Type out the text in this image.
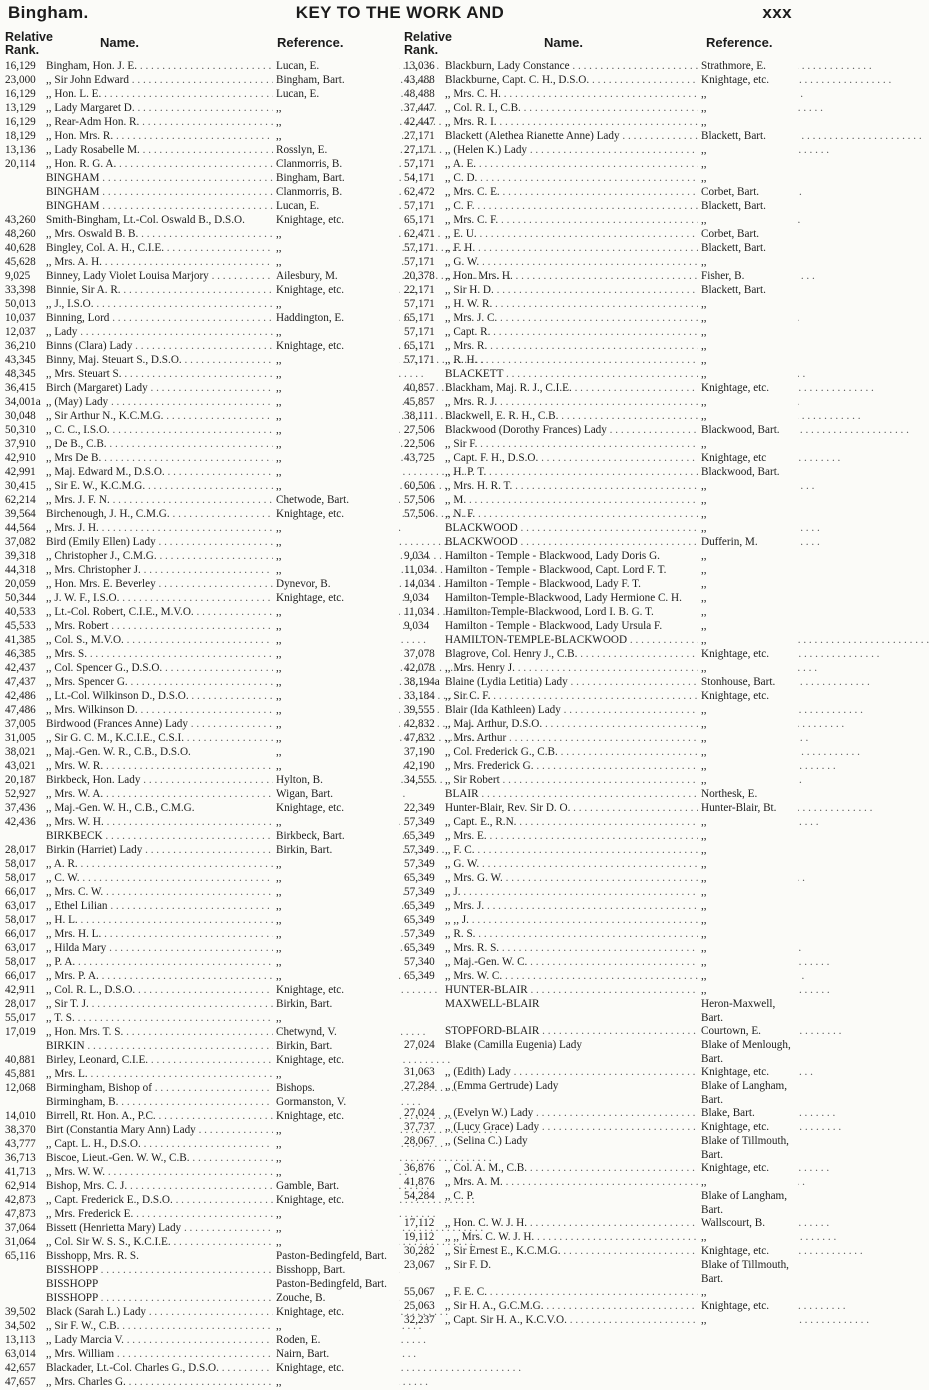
Bingham.	KEY TO THE WORK AND	xxx
Relative
Rank.	Name.	Reference.
16,129 Bingham, Hon. J. E. . . .	Lucan, E.
23,000 ,, Sir John Edward . . .	Bingham, Bart.
16,129 ,, Hon. L. E. . . .	Lucan, E.
13,129 ,, Lady Margaret D. . . .	,,
16,129 ,, Rear-Adm Hon. R. . . .	,,
18,129 ,, Hon. Mrs. R. . . .	,,
13,136 ,, Lady Rosabelle M. . . .	Rosslyn, E.
20,114 ,, Hon. R. G. A. . . .	Clanmorris, B.
BINGHAM . . .	Bingham, Bart.
BINGHAM . . .	Clanmorris, B.
BINGHAM . . .	Lucan, E.
43,260 Smith-Bingham, Lt.-Col. Oswald B., D.S.O.	Knightage, etc.
48,260 ,, Mrs. Oswald B. B. . . .	,,
40,628 Bingley, Col. A. H., C.I.E. . . .	,,
45,628 ,, Mrs. A. H. . . .	,,
9,025	Binney, Lady Violet Louisa Marjory . . .	Ailesbury, M.
33,398 Binnie, Sir A. R. . . .	Knightage, etc.
50,013 ,, J., I.S.O. . . .	,,
10,037 Binning, Lord . . .	Haddington, E.
12,037 ,, Lady . . .	,,
36,210 Binns (Clara) Lady . . .	Knightage, etc.
43,345 Binny, Maj. Steuart S., D.S.O. . . .	,,
48,345 ,, Mrs. Steuart S. . . .	,,
36,415 Birch (Margaret) Lady . . .	,,
34,001a ,, (May) Lady . . .	,,
30,048 ,, Sir Arthur N., K.C.M.G. . . .	,,
50,310 ,, C. C., I.S.O. . . .	,,
37,910 ,, De B., C.B. . . .	,,
42,910 ,, Mrs De B. . . .	,,
42,991 ,, Maj. Edward M., D.S.O. . . .	,,
30,415 ,, Sir E. W., K.C.M.G. . . .	,,
62,214 ,, Mrs. J. F. N. . . .	Chetwode, Bart.
39,564 Birchenough, J. H., C.M.G. . . .	Knightage, etc.
44,564 ,, Mrs. J. H. . . .	,,
37,082 Bird (Emily Ellen) Lady . . .	,,
39,318 ,, Christopher J., C.M.G. . . .	,,
44,318 ,, Mrs. Christopher J. . . .	,,
20,059 ,, Hon. Mrs. E. Beverley . . .	Dynevor, B.
50,344 ,, J. W. F., I.S.O. . . .	Knightage, etc.
40,533 ,, Lt.-Col. Robert, C.I.E., M.V.O. . . .	,,
45,533 ,, Mrs. Robert . . .	,,
41,385 ,, Col. S., M.V.O. . . .	,,
46,385 ,, Mrs. S. . . .	,,
42,437 ,, Col. Spencer G., D.S.O. . . .	,,
47,437 ,, Mrs. Spencer G. . . .	,,
42,486 ,, Lt.-Col. Wilkinson D., D.S.O. . . .	,,
47,486 ,, Mrs. Wilkinson D. . . .	,,
37,005 Birdwood (Frances Anne) Lady . . .	,,
31,005 ,, Sir G. C. M., K.C.I.E., C.S.I. . . .	,,
38,021 ,, Maj.-Gen. W. R., C.B., D.S.O.	,,
43,021 ,, Mrs. W. R. . . .	,,
20,187 Birkbeck, Hon. Lady . . .	Hylton, B.
52,927 ,, Mrs. W. A. . . .	Wigan, Bart.
37,436 ,, Maj.-Gen. W. H., C.B., C.M.G.	Knightage, etc.
42,436 ,, Mrs. W. H. . . .	,,
BIRKBECK . . .	Birkbeck, Bart.
28,017 Birkin (Harriet) Lady . . .	Birkin, Bart.
58,017 ,, A. R. . . .	,,
58,017 ,, C. W. . . .	,,
66,017 ,, Mrs. C. W. . . .	,,
63,017 ,, Ethel Lilian . . .	,,
58,017 ,, H. L. . . .	,,
66,017 ,, Mrs. H. L. . . .	,,
63,017 ,, Hilda Mary . . .	,,
58,017 ,, P. A. . . .	,,
66,017 ,, Mrs. P. A. . . .	,,
42,911 ,, Col. R. L., D.S.O. . . .	Knightage, etc.
28,017 ,, Sir T. J. . . .	Birkin, Bart.
55,017 ,, T. S. . . .	,,
17,019 ,, Hon. Mrs. T. S. . . .	Chetwynd, V.
BIRKIN . . .	Birkin, Bart.
40,881 Birley, Leonard, C.I.E. . . .	Knightage, etc.
45,881 ,, Mrs. L. . . .	,,
12,068 Birmingham, Bishop of . . .	Bishops.
Birmingham, B. . . .	Gormanston, V.
14,010 Birrell, Rt. Hon. A., P.C. . . .	Knightage, etc.
38,370 Birt (Constantia Mary Ann) Lady . . .	,,
43,777 ,, Capt. L. H., D.S.O. . . .	,,
36,713 Biscoe, Lieut.-Gen. W. W., C.B. . . .	,,
41,713 ,, Mrs. W. W. . . .	,,
62,914 Bishop, Mrs. C. J. . . .	Gamble, Bart.
42,873 ,, Capt. Frederick E., D.S.O. . . .	Knightage, etc.
47,873 ,, Mrs. Frederick E. . . .	,,
37,064 Bissett (Henrietta Mary) Lady . . .	,,
31,064 ,, Col. Sir W. S. S., K.C.I.E. . . .	,,
65,116 Bisshopp, Mrs. R. S.	Paston-Bedingfeld, Bart.
BISSHOPP . . .	Bisshopp, Bart.
BISSHOPP	Paston-Bedingfeld, Bart.
BISSHOPP . . .	Zouche, B.
39,502 Black (Sarah L.) Lady . . .	Knightage, etc.
34,502 ,, Sir F. W., C.B. . . .	,,
13,113 ,, Lady Marcia V. . . .	Roden, E.
63,014 ,, Mrs. William . . .	Nairn, Bart.
42,657 Blackader, Lt.-Col. Charles G., D.S.O. . . .	Knightage, etc.
47,657 ,, Mrs. Charles G. . . .	,,
Relative
Rank.	Name.	Reference.
13,036 Blackburn, Lady Constance . . .	Strathmore, E.
43,488 Blackburne, Capt. C. H., D.S.O. . . .	Knightage, etc.
48,488 ,, Mrs. C. H. . . .	,,
37,447 ,, Col. R. I., C.B. . . .	,,
42,447 ,, Mrs. R. I. . . .	,,
27,171 Blackett (Alethea Rianette Anne) Lady . . .	Blackett, Bart.
27,171 ,, (Helen K.) Lady . . .	,,
57,171 ,, A. E. . . .	,,
54,171 ,, C. D. . . .	,,
62,472 ,, Mrs. C. E. . . .	Corbet, Bart.
57,171 ,, C. F. . . .	Blackett, Bart.
65,171 ,, Mrs. C. F. . . .	,,
62,471 ,, E. U. . . .	Corbet, Bart.
57,171 ,, F. H. . . .	Blackett, Bart.
57,171 ,, G. W. . . .	,,
20,378 ,, Hon. Mrs. H. . . .	Fisher, B.
22,171 ,, Sir H. D. . . .	Blackett, Bart.
57,171 ,, H. W. R. . . .	,,
65,171 ,, Mrs. J. C. . . .	,,
57,171 ,, Capt. R. . . .	,,
65,171 ,, Mrs. R. . . .	,,
57,171 ,, R. H. . . .	,,
BLACKETT . . .	,,
40,857 Blackham, Maj. R. J., C.I.E. . . .	Knightage, etc.
45,857 ,, Mrs. R. J. . . .	,,
38,111 Blackwell, E. R. H., C.B. . . .	,,
27,506 Blackwood (Dorothy Frances) Lady . . .	Blackwood, Bart.
22,506 ,, Sir F. . . .	,,
43,725 ,, Capt. F. H., D.S.O. . . .	Knightage, etc
,, H. P. T. . . .	Blackwood, Bart.
60,506 ,, Mrs. H. R. T. . . .	,,
57,506 ,, M. . . .	,,
57,506 ,, N. F. . . .	,,
BLACKWOOD . . .	,,
BLACKWOOD . . .	Dufferin, M.
9,034	Hamilton - Temple - Blackwood, Lady Doris G.	,,
11,034 Hamilton - Temple - Blackwood, Capt. Lord F. T.	,,
14,034 Hamilton - Temple - Blackwood, Lady F. T.	,,
9,034	Hamilton-Temple-Blackwood, Lady Hermione C. H.	,,
11,034 Hamilton-Temple-Blackwood, Lord I. B. G. T.	,,
9,034	Hamilton - Temple - Blackwood, Lady Ursula F.	,,
HAMILTON-TEMPLE-BLACKWOOD . . .	,,
37,078 Blagrove, Col. Henry J., C.B. . . .	Knightage, etc.
42,078 ,, Mrs. Henry J. . . .	,,
38,194a Blaine (Lydia Letitia) Lady . . .	Stonhouse, Bart.
33,184 ,, Sir C. F. . . .	Knightage, etc.
39,555 Blair (Ida Kathleen) Lady . . .	,,
42,832 ,, Maj. Arthur, D.S.O. . . .	,,
47,832 ,, Mrs. Arthur . . .	,,
37,190 ,, Col. Frederick G., C.B. . . .	,,
42,190 ,, Mrs. Frederick G. . . .	,,
34,555 ,, Sir Robert . . .	,,
BLAIR . . .	Northesk, E.
22,349 Hunter-Blair, Rev. Sir D. O. . . .	Hunter-Blair, Bt.
57,349 ,, Capt. E., R.N. . . .	,,
65,349 ,, Mrs. E. . . .	,,
57,349 ,, F. C. . . .	,,
57,349 ,, G. W. . . .	,,
65,349 ,, Mrs. G. W. . . .	,,
57,349 ,, J. . . .	,,
65,349 ,, Mrs. J. . . .	,,
65,349 ,, ,, J. . . .	,,
57,349 ,, R. S. . . .	,,
65,349 ,, Mrs. R. S. . . .	,,
57,340 ,, Maj.-Gen. W. C. . . .	,,
65,349 ,, Mrs. W. C. . . .	,,
HUNTER-BLAIR . . .	,,
MAXWELL-BLAIR	Heron-Maxwell, Bart.
STOPFORD-BLAIR . . .	Courtown, E.
27,024 Blake (Camilla Eugenia) Lady	Blake of Menlough, Bart.
31,063 ,, (Edith) Lady . . .	Knightage, etc.
27,284 ,, (Emma Gertrude) Lady	Blake of Langham, Bart.
27,024 ,, (Evelyn W.) Lady . . .	Blake, Bart.
37,737 ,, (Lucy Grace) Lady . . .	Knightage, etc.
28,067 ,, (Selina C.) Lady	Blake of Tillmouth, Bart.
36,876 ,, Col. A. M., C.B. . . .	Knightage, etc.
41,876 ,, Mrs. A. M. . . .	,,
54,284 ,, C. P.	Blake of Langham, Bart.
17,112 ,, Hon. C. W. J. H. . . .	Wallscourt, B.
19,112 ,, ,, Mrs. C. W. J. H. . . .	,,
30,282 ,, Sir Ernest E., K.C.M.G. . . .	Knightage, etc.
23,067 ,, Sir F. D.	Blake of Tillmouth, Bart.
55,067 ,, F. E. C. . . .	,,
25,063 ,, Sir H. A., G.C.M.G. . . .	Knightage, etc.
32,237 ,, Capt. Sir H. A., K.C.V.O. . . .	,,
